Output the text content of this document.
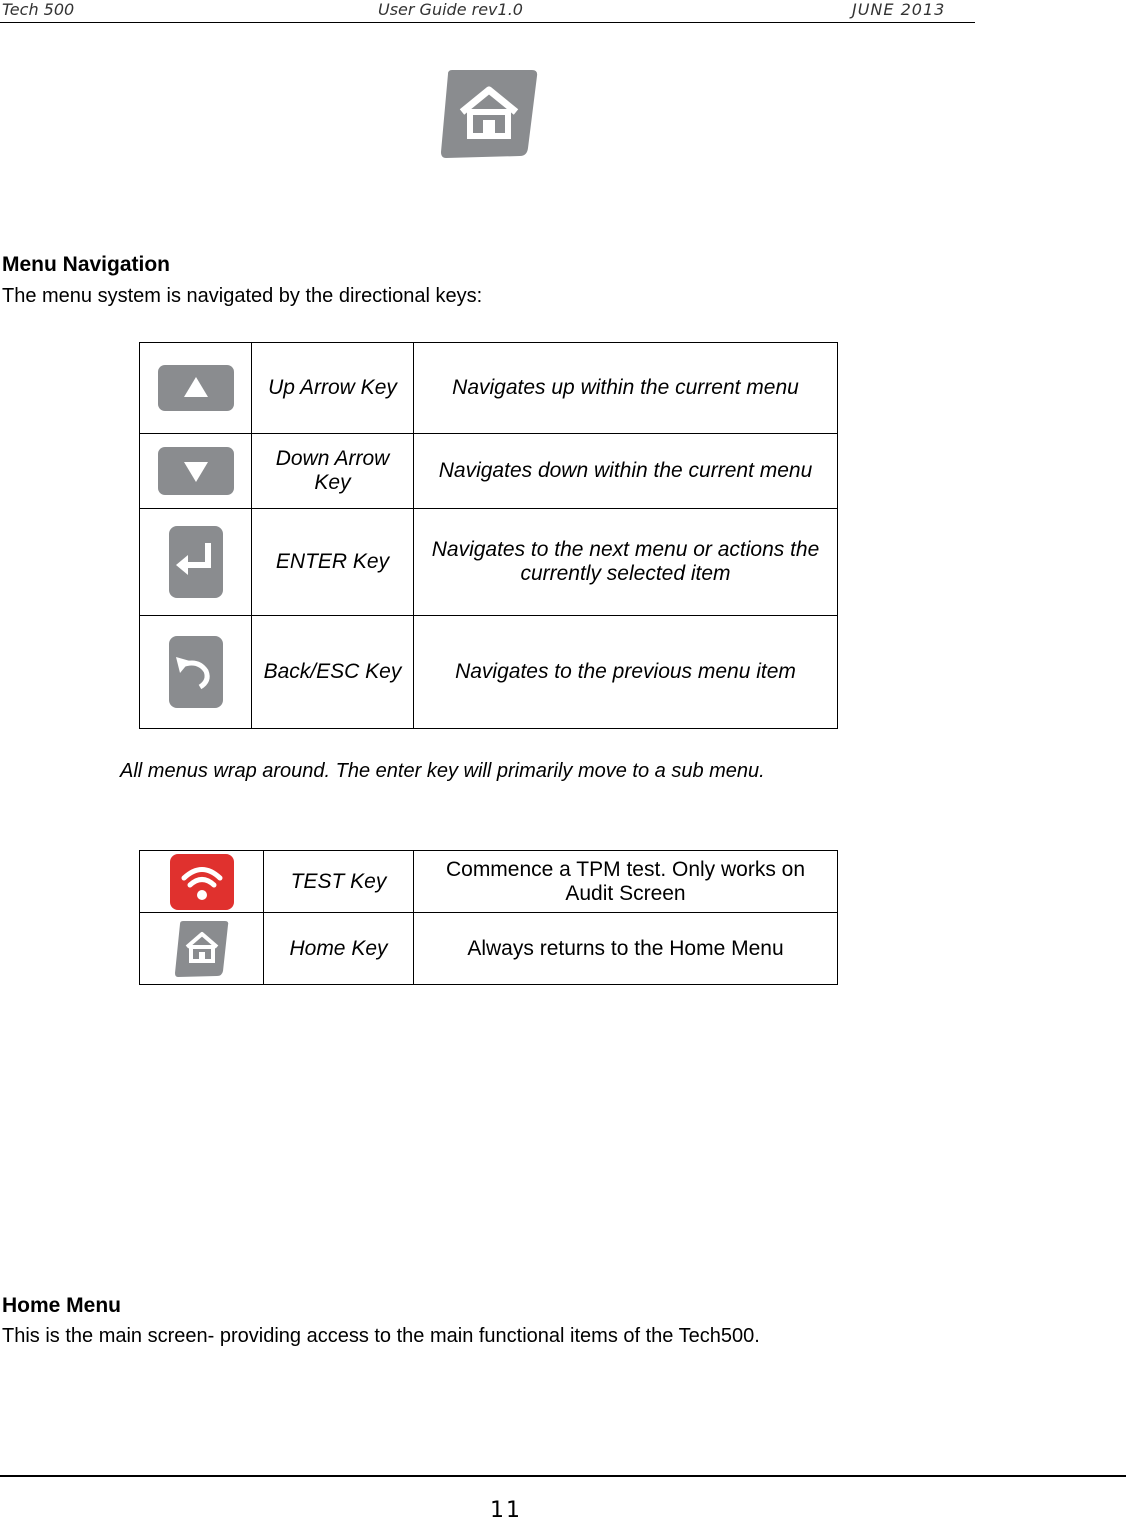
Tech 500	User Guide rev1.0	JUNE 2013
Menu Navigation
The menu system is navigated by the directional keys:
	Up Arrow Key	Navigates up within the current menu

	Down Arrow Key	Navigates down within the current menu

	ENTER Key	Navigates to the next menu or actions the currently selected item

	Back/ESC Key	Navigates to the previous menu item
All menus wrap around. The enter key will primarily move to a sub menu.
	TEST Key	Commence a TPM test. Only works on Audit Screen

	Home Key	Always returns to the Home Menu
Home Menu
This is the main screen- providing access to the main functional items of the Tech500.
11
